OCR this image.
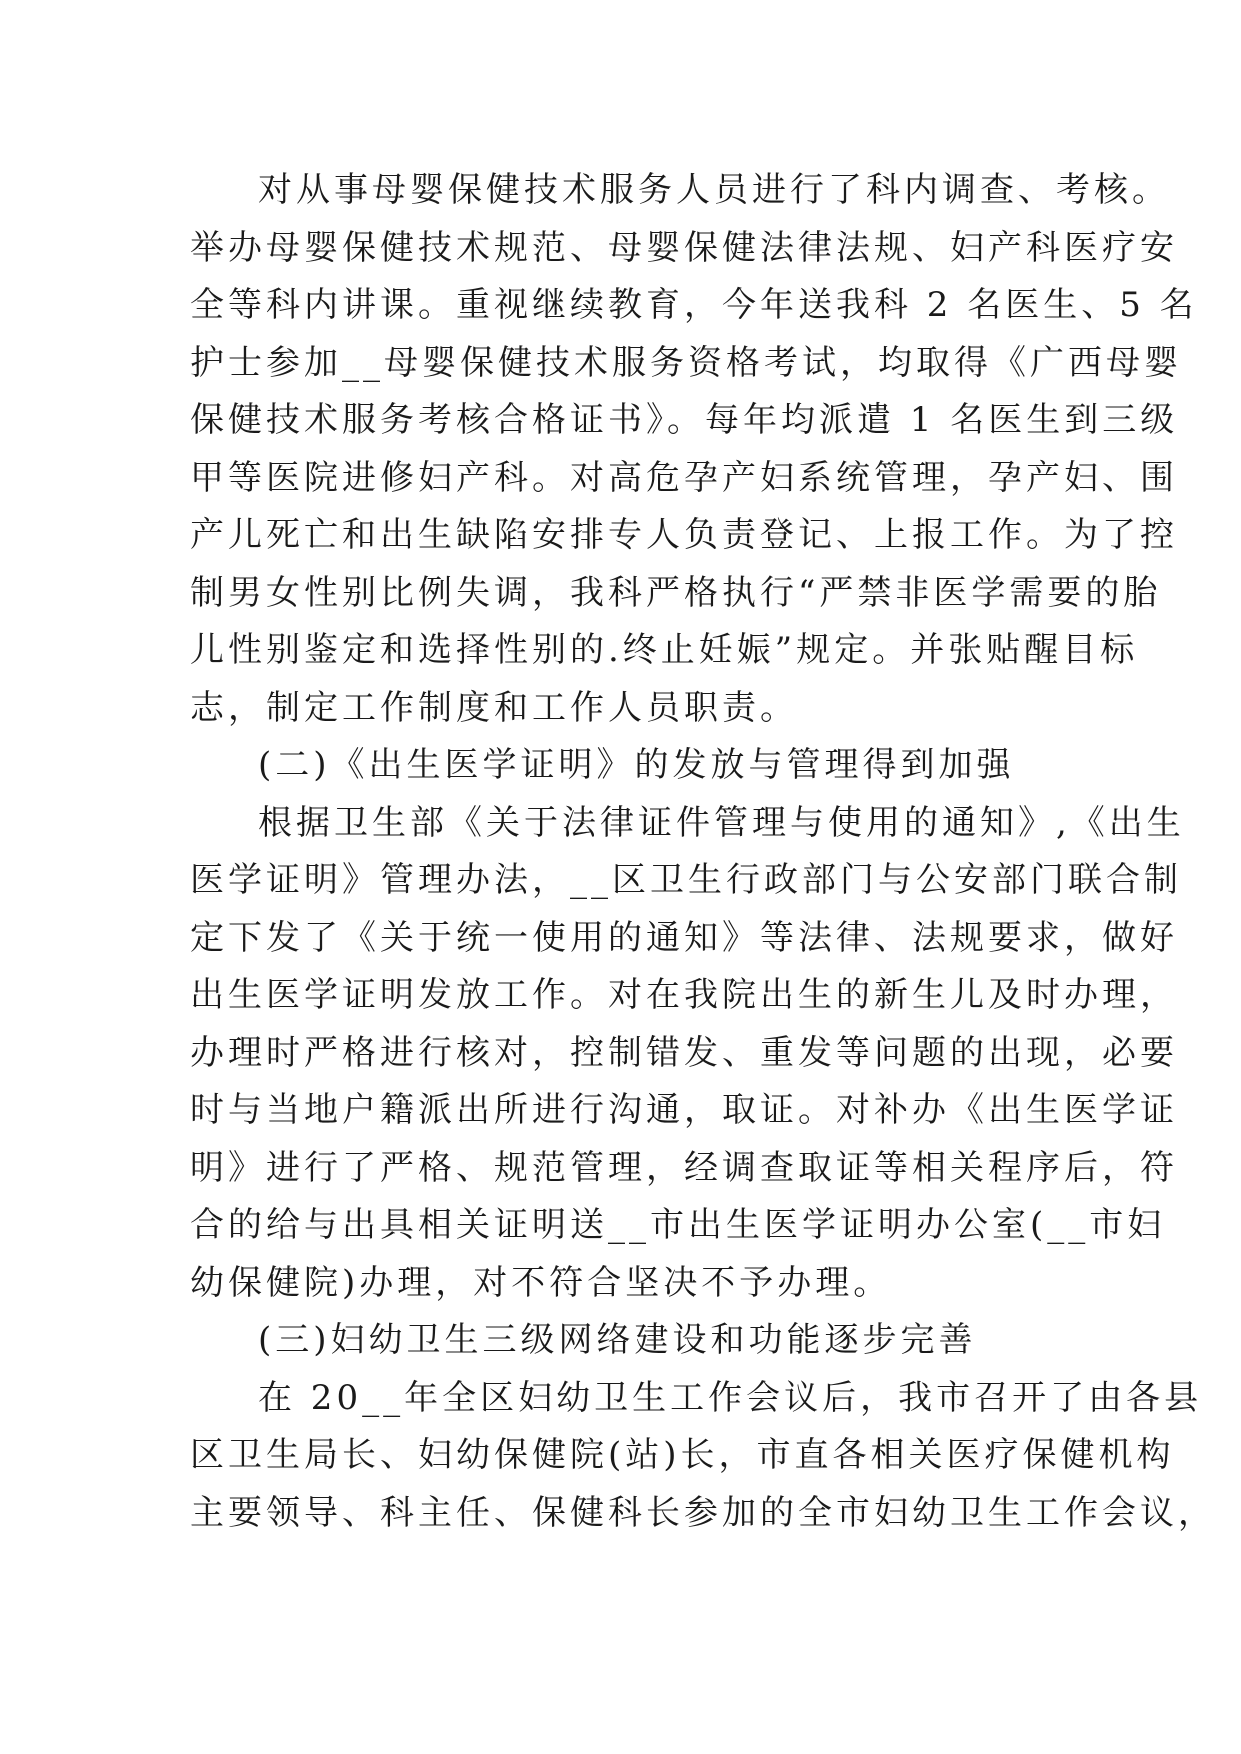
对从事母婴保健技术服务人员进行了科内调查、考核。
举办母婴保健技术规范、母婴保健法律法规、妇产科医疗安
全等科内讲课。重视继续教育，今年送我科 2 名医生、5 名
护士参加__母婴保健技术服务资格考试，均取得《广西母婴
保健技术服务考核合格证书》。每年均派遣 1 名医生到三级
甲等医院进修妇产科。对高危孕产妇系统管理，孕产妇、围
产儿死亡和出生缺陷安排专人负责登记、上报工作。为了控
制男女性别比例失调，我科严格执行“严禁非医学需要的胎
儿性别鉴定和选择性别的.终止妊娠”规定。并张贴醒目标
志，制定工作制度和工作人员职责。
(二)《出生医学证明》的发放与管理得到加强
根据卫生部《关于法律证件管理与使用的通知》,《出生
医学证明》管理办法，__区卫生行政部门与公安部门联合制
定下发了《关于统一使用的通知》等法律、法规要求，做好
出生医学证明发放工作。对在我院出生的新生儿及时办理，
办理时严格进行核对，控制错发、重发等问题的出现，必要
时与当地户籍派出所进行沟通，取证。对补办《出生医学证
明》进行了严格、规范管理，经调查取证等相关程序后，符
合的给与出具相关证明送__市出生医学证明办公室(__市妇
幼保健院)办理，对不符合坚决不予办理。
(三)妇幼卫生三级网络建设和功能逐步完善
在 20__年全区妇幼卫生工作会议后，我市召开了由各县
区卫生局长、妇幼保健院(站)长，市直各相关医疗保健机构
主要领导、科主任、保健科长参加的全市妇幼卫生工作会议，
